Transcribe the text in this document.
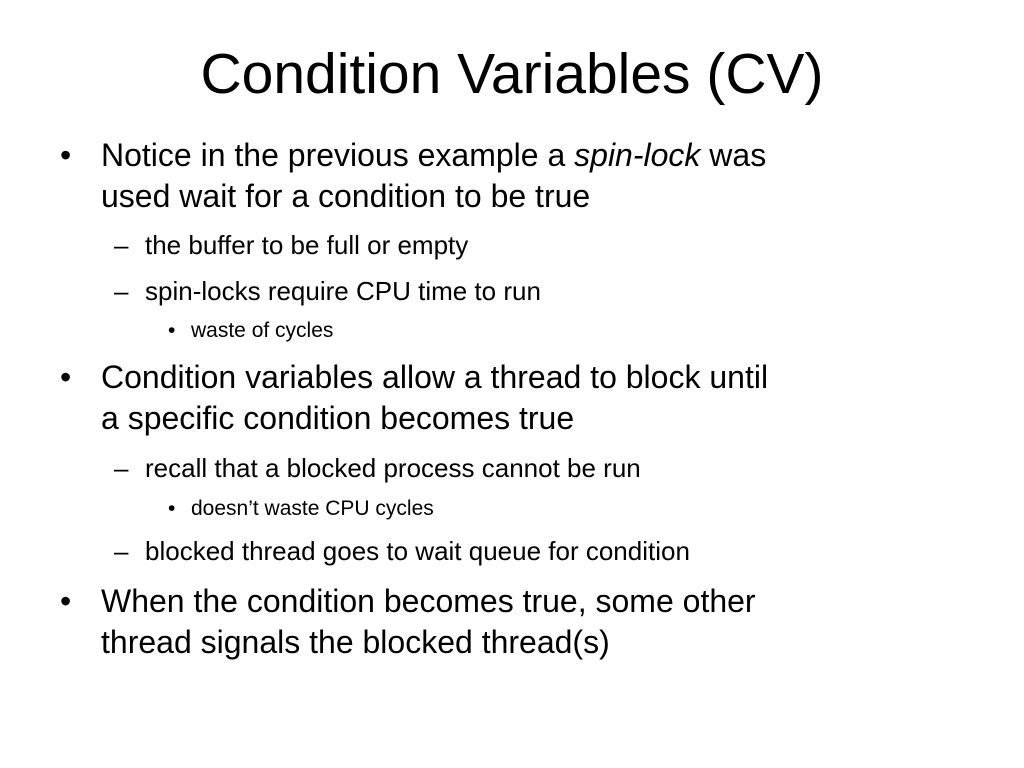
Condition Variables (CV)
• Notice in the previous example a spin-lock was
used wait for a condition to be true
– the buffer to be full or empty
– spin-locks require CPU time to run
• waste of cycles
• Condition variables allow a thread to block until
a specific condition becomes true
– recall that a blocked process cannot be run
• doesn’t waste CPU cycles
– blocked thread goes to wait queue for condition
• When the condition becomes true, some other
thread signals the blocked thread(s)
